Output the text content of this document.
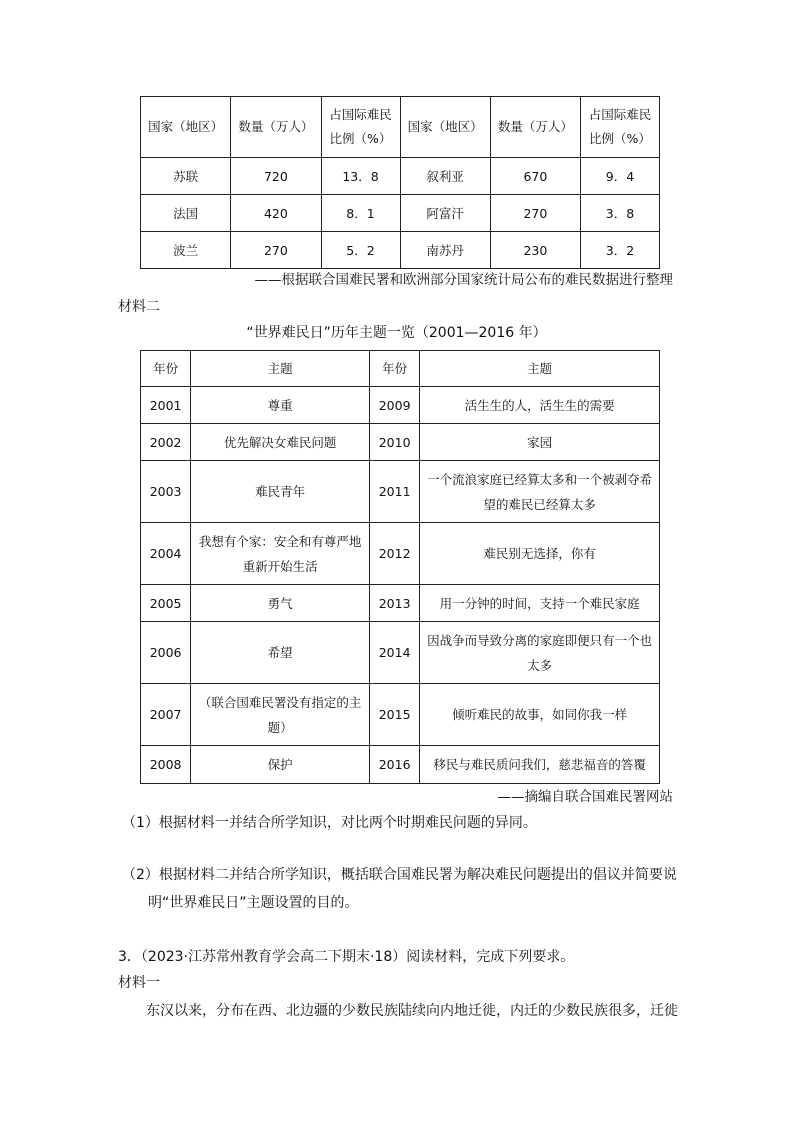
国家（地区）	数量（万人）	占国际难民比例（%）	国家（地区）	数量（万人）	占国际难民比例（%）
苏联	720	13．8	叙利亚	670	9．4
法国	420	8．1	阿富汗	270	3．8
波兰	270	5．2	南苏丹	230	3．2
——根据联合国难民署和欧洲部分国家统计局公布的难民数据进行整理
材料二
“世界难民日”历年主题一览（2001—2016 年）
年份	主题	年份	主题
2001	尊重	2009	活生生的人，活生生的需要
2002	优先解决女难民问题	2010	家园
2003	难民青年	2011	一个流浪家庭已经算太多和一个被剥夺希望的难民已经算太多
2004	我想有个家：安全和有尊严地重新开始生活	2012	难民别无选择，你有
2005	勇气	2013	用一分钟的时间，支持一个难民家庭
2006	希望	2014	因战争而导致分离的家庭即便只有一个也太多
2007	（联合国难民署没有指定的主题）	2015	倾听难民的故事，如同你我一样
2008	保护	2016	移民与难民质问我们，慈悲福音的答覆
——摘编自联合国难民署网站
（1）根据材料一并结合所学知识，对比两个时期难民问题的异同。
（2）根据材料二并结合所学知识，概括联合国难民署为解决难民问题提出的倡议并简要说
明“世界难民日”主题设置的目的。
3．（2023·江苏常州教育学会高二下期末·18）阅读材料，完成下列要求。
材料一
东汉以来，分布在西、北边疆的少数民族陆续向内地迁徙，内迁的少数民族很多，迁徙
